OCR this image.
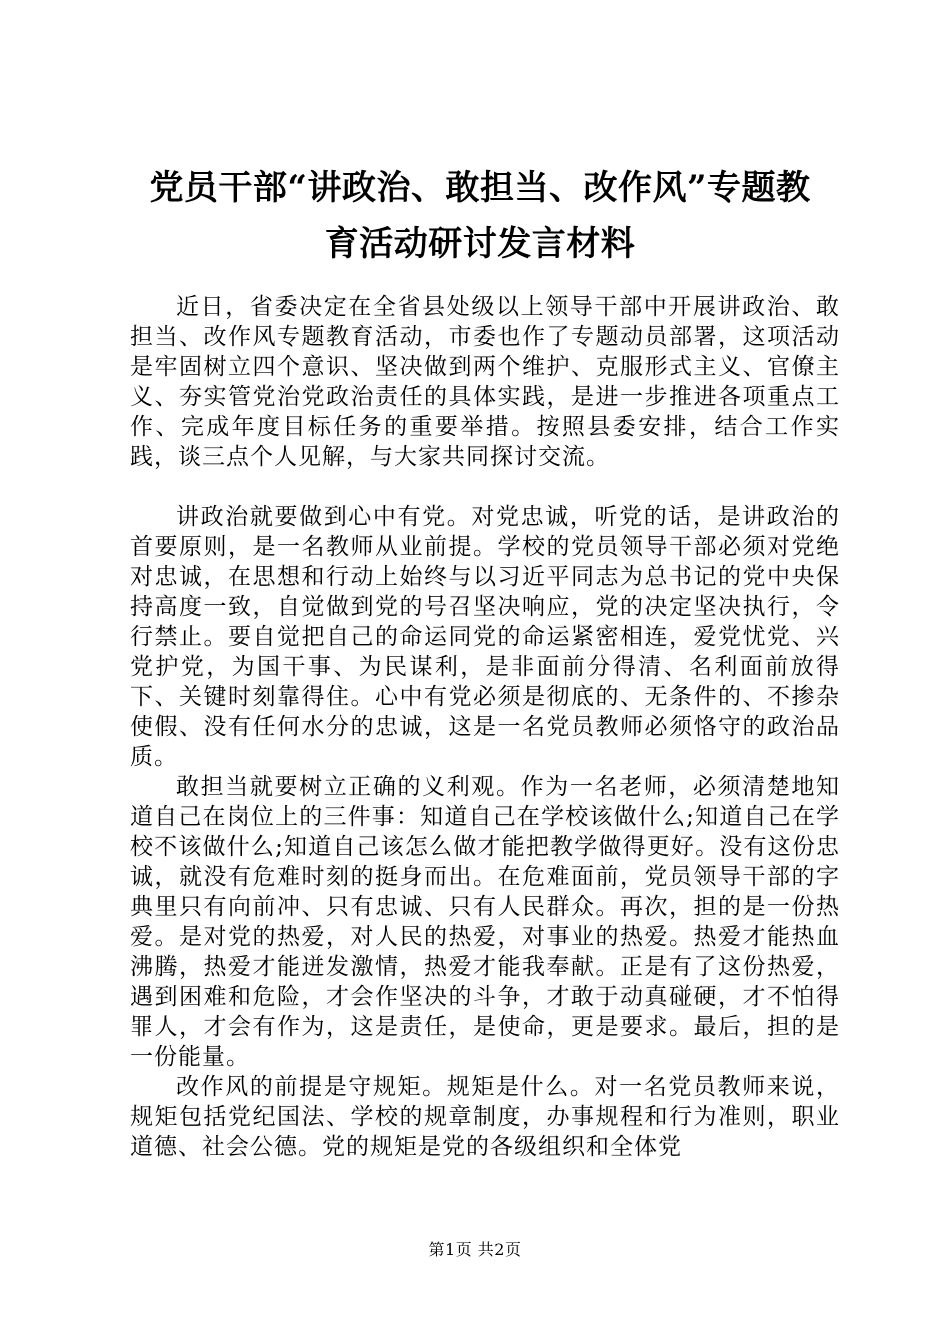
党员干部“讲政治、敢担当、改作风”专题教
育活动研讨发言材料

近日，省委决定在全省县处级以上领导干部中开展讲政治、敢担当、改作风专题教育活动，市委也作了专题动员部署，这项活动是牢固树立四个意识、坚决做到两个维护、克服形式主义、官僚主义、夯实管党治党政治责任的具体实践，是进一步推进各项重点工作、完成年度目标任务的重要举措。按照县委安排，结合工作实践，谈三点个人见解，与大家共同探讨交流。

讲政治就要做到心中有党。对党忠诚，听党的话，是讲政治的首要原则，是一名教师从业前提。学校的党员领导干部必须对党绝对忠诚，在思想和行动上始终与以习近平同志为总书记的党中央保持高度一致，自觉做到党的号召坚决响应，党的决定坚决执行，令行禁止。要自觉把自己的命运同党的命运紧密相连，爱党忧党、兴党护党，为国干事、为民谋利，是非面前分得清、名利面前放得下、关键时刻靠得住。心中有党必须是彻底的、无条件的、不掺杂使假、没有任何水分的忠诚，这是一名党员教师必须恪守的政治品质。

敢担当就要树立正确的义利观。作为一名老师，必须清楚地知道自己在岗位上的三件事：知道自己在学校该做什么;知道自己在学校不该做什么;知道自己该怎么做才能把教学做得更好。没有这份忠诚，就没有危难时刻的挺身而出。在危难面前，党员领导干部的字典里只有向前冲、只有忠诚、只有人民群众。再次，担的是一份热爱。是对党的热爱，对人民的热爱，对事业的热爱。热爱才能热血沸腾，热爱才能迸发激情，热爱才能我奉献。正是有了这份热爱，遇到困难和危险，才会作坚决的斗争，才敢于动真碰硬，才不怕得罪人，才会有作为，这是责任，是使命，更是要求。最后，担的是一份能量。

改作风的前提是守规矩。规矩是什么。对一名党员教师来说，规矩包括党纪国法、学校的规章制度，办事规程和行为准则，职业道德、社会公德。党的规矩是党的各级组织和全体党

第1页 共2页
